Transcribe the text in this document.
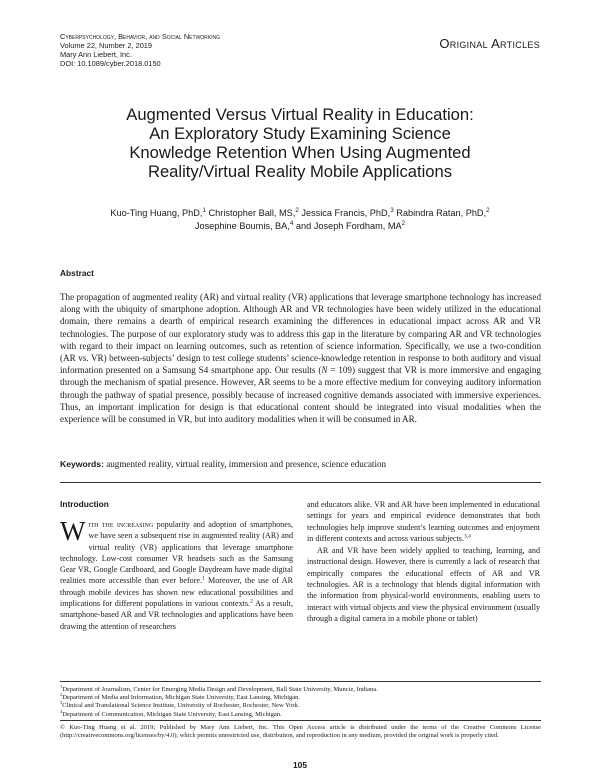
Cyberpsychology, Behavior, and Social Networking
Volume 22, Number 2, 2019
Mary Ann Liebert, Inc.
DOI: 10.1089/cyber.2018.0150
Original Articles
Augmented Versus Virtual Reality in Education:
An Exploratory Study Examining Science
Knowledge Retention When Using Augmented
Reality/Virtual Reality Mobile Applications
Kuo-Ting Huang, PhD,$^1$ Christopher Ball, MS,$^2$ Jessica Francis, PhD,$^3$ Rabindra Ratan, PhD,$^2$
Josephine Boumis, BA,$^4$ and Joseph Fordham, $MA^2$
Abstract
The propagation of augmented reality (AR) and virtual reality (VR) applications that leverage smartphone technology has increased along with the ubiquity of smartphone adoption. Although AR and VR technologies have been widely utilized in the educational domain, there remains a dearth of empirical research examining the differences in educational impact across AR and VR technologies. The purpose of our exploratory study was to address this gap in the literature by comparing AR and VR technologies with regard to their impact on learning outcomes, such as retention of science information. Specifically, we use a two-condition (AR vs. VR) between-subjects’ design to test college students’ science-knowledge retention in response to both auditory and visual information presented on a Samsung S4 smartphone app. Our results (N = 109) suggest that VR is more immersive and engaging through the mechanism of spatial presence. However, AR seems to be a more effective medium for conveying auditory information through the pathway of spatial presence, possibly because of increased cognitive demands associated with immersive experiences. Thus, an important implication for design is that educational content should be integrated into visual modalities when the experience will be consumed in VR, but into auditory modalities when it will be consumed in AR.
Keywords: augmented reality, virtual reality, immersion and presence, science education
Introduction

With the increasing popularity and adoption of smartphones, we have seen a subsequent rise in augmented reality (AR) and virtual reality (VR) applications that leverage smartphone technology. Low-cost consumer VR headsets such as the Samsung Gear VR, Google Cardboard, and Google Daydream have made digital realities more accessible than ever before.$^1$ Moreover, the use of AR through mobile devices has shown new educational possibilities and implications for different populations in various contexts.$^2$ As a result, smartphone-based AR and VR technologies and applications have been drawing the attention of researchers

and educators alike. VR and AR have been implemented in educational settings for years and empirical evidence demonstrates that both technologies help improve student’s learning outcomes and enjoyment in different contexts and across various subjects.$^{3,4}$

AR and VR have been widely applied to teaching, learning, and instructional design. However, there is currently a lack of research that empirically compares the educational effects of AR and VR technologies. AR is a technology that blends digital information with the information from physical-world environments, enabling users to interact with virtual objects and view the physical environment (usually through a digital camera in a mobile phone or tablet)

$^1$Department of Journalism, Center for Emerging Media Design and Development, Ball State University, Muncie, Indiana.
$^2$Department of Media and Information, Michigan State University, East Lansing, Michigan.
$^3$Clinical and Translational Science Institute, University of Rochester, Rochester, New York.
$^4$Department of Communication, Michigan State University, East Lansing, Michigan.
© Kuo-Ting Huang et al. 2019; Published by Mary Ann Liebert, Inc. This Open Access article is distributed under the terms of the Creative Commons License (http://creativecommons.org/licenses/by/4.0), which permits unrestricted use, distribution, and reproduction in any medium, provided the original work is properly cited.
105
